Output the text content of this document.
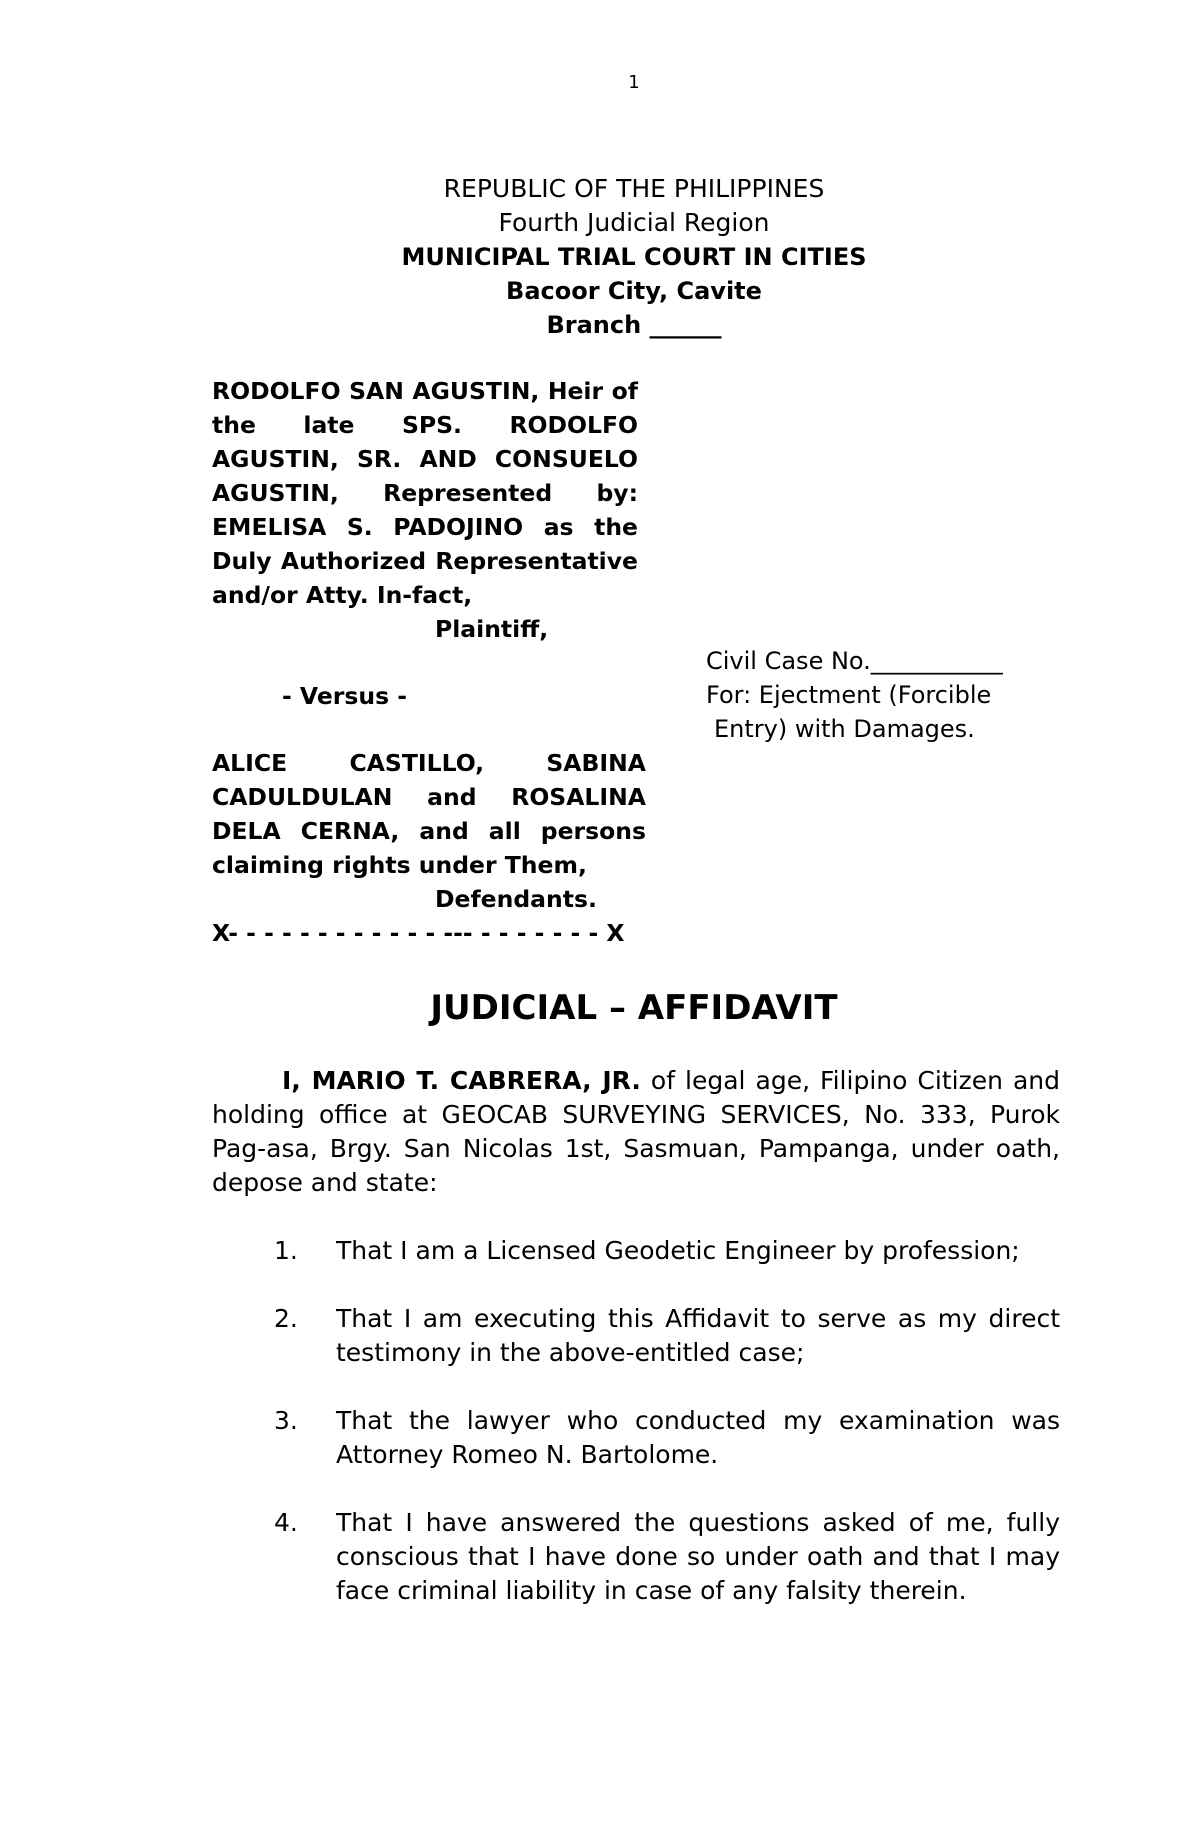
1
REPUBLIC OF THE PHILIPPINES
Fourth Judicial Region
MUNICIPAL TRIAL COURT IN CITIES
Bacoor City, Cavite
Branch ______
RODOLFO SAN AGUSTIN, Heir of the late SPS. RODOLFO AGUSTIN, SR. AND CONSUELO AGUSTIN, Represented by: EMELISA S. PADOJINO as the Duly Authorized Representative and/or Atty. In-fact,
Plaintiff,
- Versus -
ALICE CASTILLO, SABINA CADULDULAN and ROSALINA DELA CERNA, and all persons claiming rights under Them,
Defendants.
X- - - - - - - - - - - - --- - - - - - - - X
Civil Case No.___________
For: Ejectment (Forcible
Entry) with Damages.
JUDICIAL – AFFIDAVIT
I, MARIO T. CABRERA, JR. of legal age, Filipino Citizen and holding office at GEOCAB SURVEYING SERVICES, No. 333, Purok Pag-asa, Brgy. San Nicolas 1st, Sasmuan, Pampanga, under oath, depose and state:
1.	That I am a Licensed Geodetic Engineer by profession;
2.	That I am executing this Affidavit to serve as my direct testimony in the above-entitled case;
3.	That the lawyer who conducted my examination was Attorney Romeo N. Bartolome.
4.	That I have answered the questions asked of me, fully conscious that I have done so under oath and that I may face criminal liability in case of any falsity therein.
